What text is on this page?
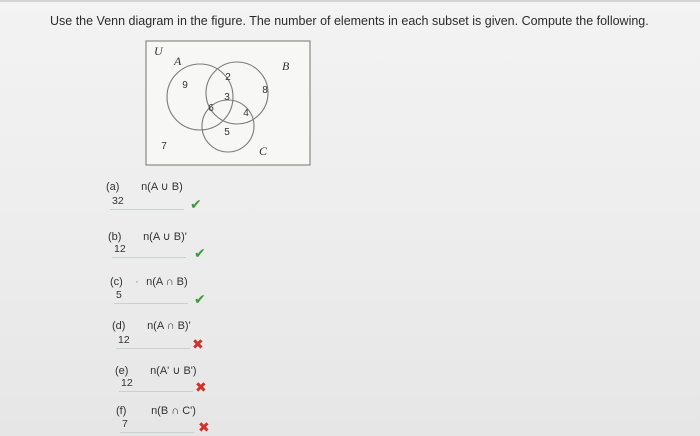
Use the Venn diagram in the figure. The number of elements in each subset is given. Compute the following.
U
A	B
C
9
2
8
6
3
4
5
7
(a) n(A ∪ B)
32
✔
(b) n(A ∪ B)'
12
✔
(c) · n(A ∩ B)
5
✔
(d) n(A ∩ B)'
12
✖
(e) n(A' ∪ B')
12
✖
(f) n(B ∩ C')
7
✖
